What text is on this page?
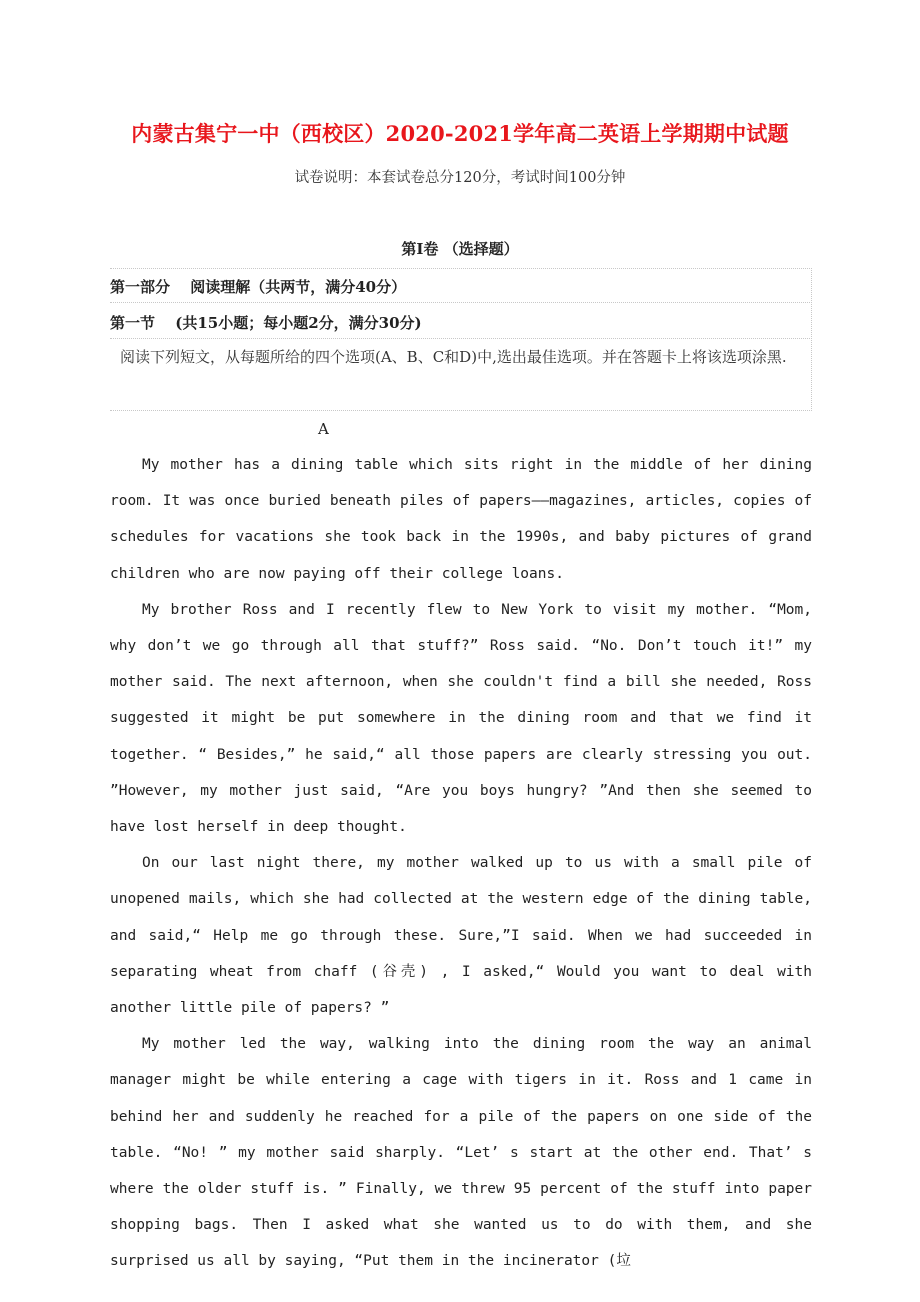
内蒙古集宁一中（西校区）2020-2021学年高二英语上学期期中试题
试卷说明：本套试卷总分120分，考试时间100分钟
第Ⅰ卷 （选择题）
第一部分　 阅读理解（共两节，满分40分）
第一节　 (共15小题；每小题2分，满分30分)
阅读下列短文，从每题所给的四个选项(A、B、C和D)中,选出最佳选项。并在答题卡上将该选项涂黑.
A

My mother has a dining table which sits right in the middle of her dining room. It was once buried beneath piles of papers——magazines, articles, copies of schedules for vacations she took back in the 1990s, and baby pictures of grand children who are now paying off their college loans.

My brother Ross and I recently flew to New York to visit my mother. “Mom, why don’t we go through all that stuff?” Ross said. “No. Don’t touch it!” my mother said. The next afternoon, when she couldn't find a bill she needed, Ross suggested it might be put somewhere in the dining room and that we find it together. “ Besides,” he said,“ all those papers are clearly stressing you out. ”However, my mother just said, “Are you boys hungry? ”And then she seemed to have lost herself in deep thought.

On our last night there, my mother walked up to us with a small pile of unopened mails, which she had collected at the western edge of the dining table, and said,“ Help me go through these. Sure,”I said. When we had succeeded in separating wheat from chaff (谷壳) , I asked,“ Would you want to deal with another little pile of papers? ”

My mother led the way, walking into the dining room the way an animal manager might be while entering a cage with tigers in it. Ross and 1 came in behind her and suddenly he reached for a pile of the papers on one side of the table. “No! ” my mother said sharply. “Let’ s start at the other end. That’ s where the older stuff is. ” Finally, we threw 95 percent of the stuff into paper shopping bags. Then I asked what she wanted us to do with them, and she surprised us all by saying, “Put them in the incinerator (垃
